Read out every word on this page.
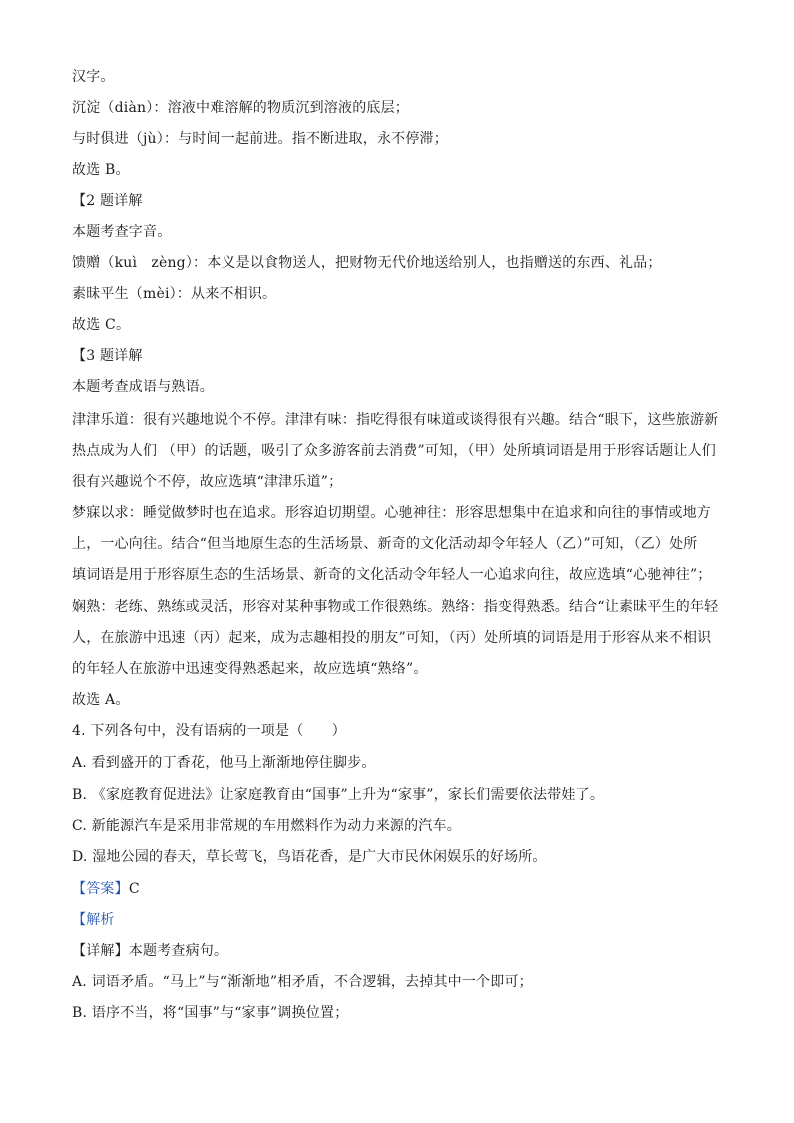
汉字。
沉淀（diàn）：溶液中难溶解的物质沉到溶液的底层；
与时俱进（jù）：与时间一起前进。指不断进取，永不停滞；
故选 B。
【2 题详解
本题考查字音。
馈赠（kuì　zèng）：本义是以食物送人，把财物无代价地送给别人，也指赠送的东西、礼品；
素昧平生（mèi）：从来不相识。
故选 C。
【3 题详解
本题考查成语与熟语。
津津乐道：很有兴趣地说个不停。津津有味：指吃得很有味道或谈得很有兴趣。结合“眼下，这些旅游新
热点成为人们 （甲）的话题，吸引了众多游客前去消费”可知，（甲）处所填词语是用于形容话题让人们
很有兴趣说个不停，故应选填“津津乐道”；
梦寐以求：睡觉做梦时也在追求。形容迫切期望。心驰神往：形容思想集中在追求和向往的事情或地方
上，一心向往。结合“但当地原生态的生活场景、新奇的文化活动却令年轻人（乙）”可知，（乙）处所
填词语是用于形容原生态的生活场景、新奇的文化活动令年轻人一心追求向往，故应选填“心驰神往”；
娴熟：老练、熟练或灵活，形容对某种事物或工作很熟练。熟络：指变得熟悉。结合“让素昧平生的年轻
人，在旅游中迅速（丙）起来，成为志趣相投的朋友”可知，（丙）处所填的词语是用于形容从来不相识
的年轻人在旅游中迅速变得熟悉起来，故应选填“熟络”。
故选 A。
4. 下列各句中，没有语病的一项是（　　）
A. 看到盛开的丁香花，他马上渐渐地停住脚步。
B. 《家庭教育促进法》让家庭教育由“国事”上升为“家事”，家长们需要依法带娃了。
C. 新能源汽车是采用非常规的车用燃料作为动力来源的汽车。
D. 湿地公园的春天，草长莺飞，鸟语花香，是广大市民休闲娱乐的好场所。
【答案】C
【解析
【详解】本题考查病句。
A. 词语矛盾。“马上”与“渐渐地”相矛盾，不合逻辑，去掉其中一个即可；
B. 语序不当，将“国事”与“家事”调换位置；
